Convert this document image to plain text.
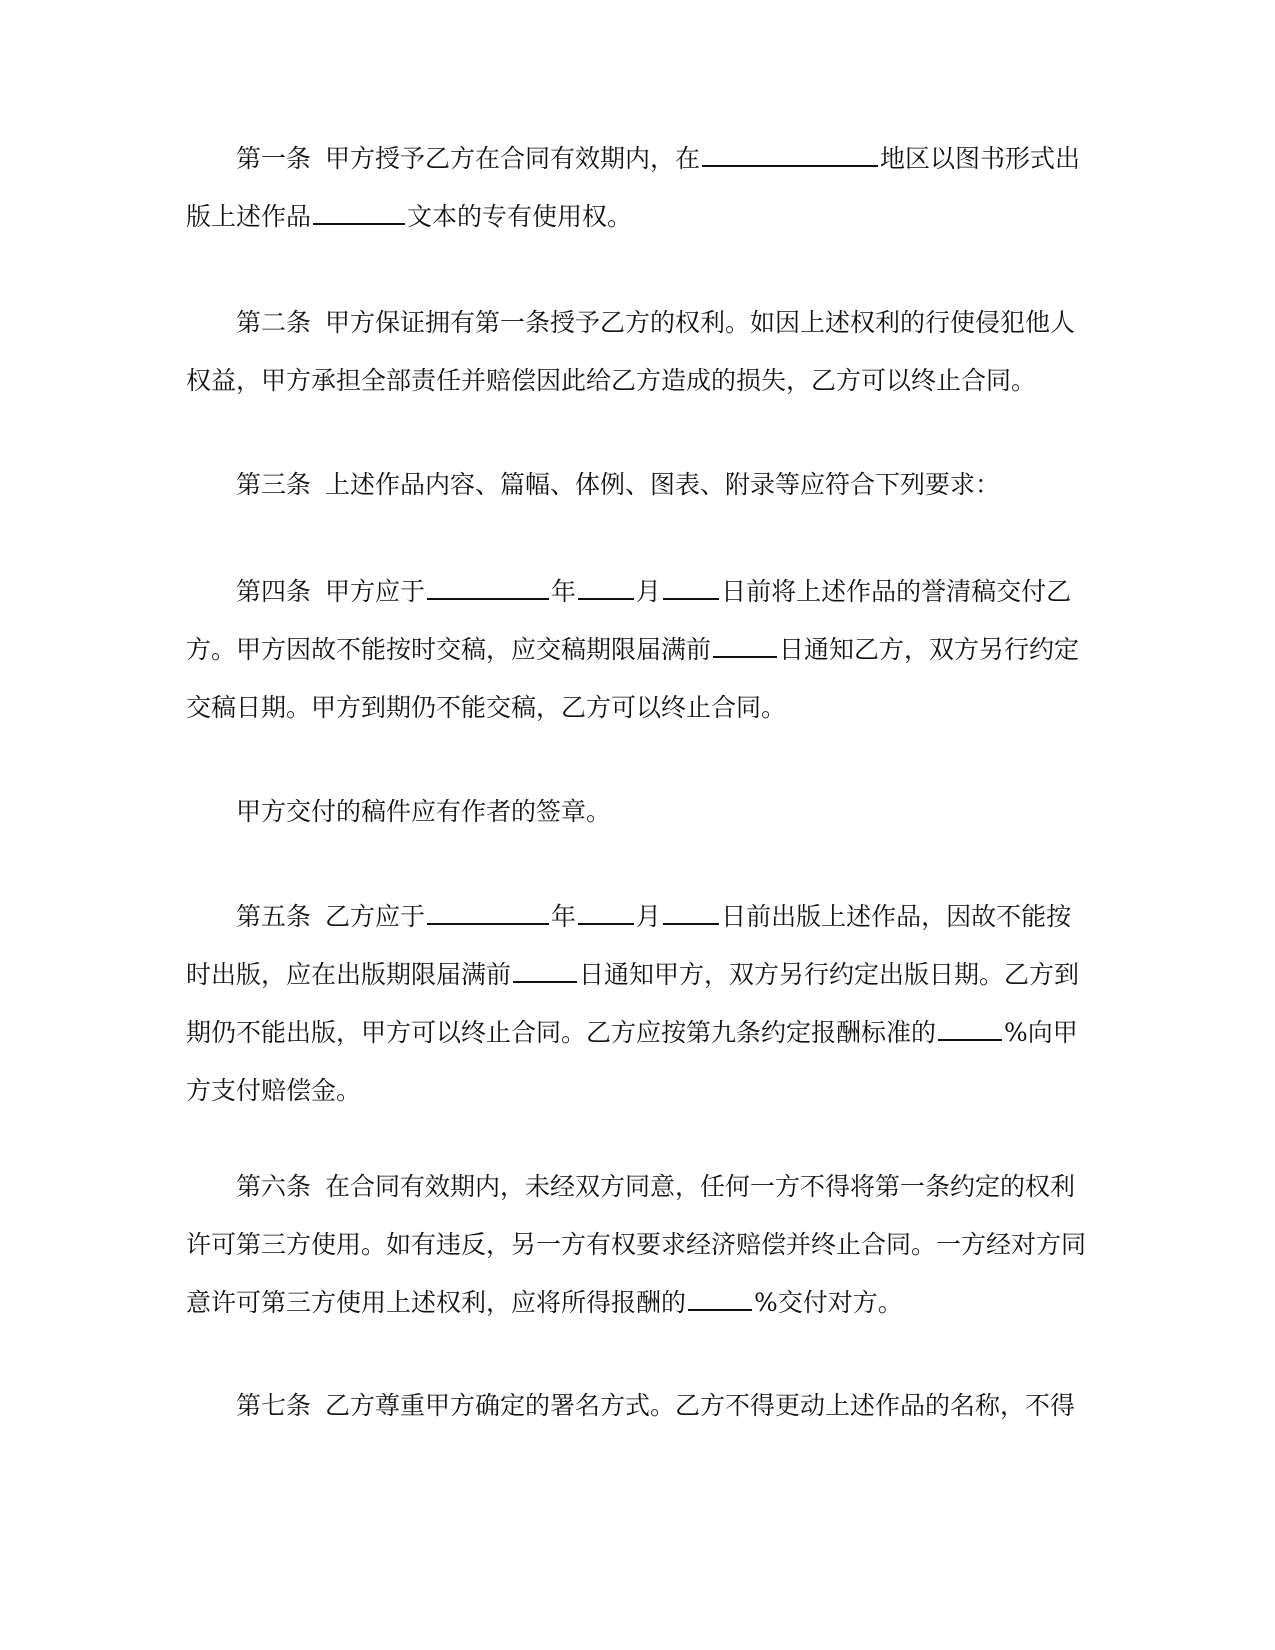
第一条 甲方授予乙方在合同有效期内，在	地区以图书形式出
版上述作品	文本的专有使用权。
第二条 甲方保证拥有第一条授予乙方的权利。如因上述权利的行使侵犯他人
权益，甲方承担全部责任并赔偿因此给乙方造成的损失，乙方可以终止合同。
第三条 上述作品内容、篇幅、体例、图表、附录等应符合下列要求：
第四条 甲方应于	年 月 日前将上述作品的誉清稿交付乙
方。甲方因故不能按时交稿，应交稿期限届满前	日通知乙方，双方另行约定
交稿日期。甲方到期仍不能交稿，乙方可以终止合同。
甲方交付的稿件应有作者的签章。
第五条 乙方应于	年 月 日前出版上述作品，因故不能按
时出版，应在出版期限届满前	日通知甲方，双方另行约定出版日期。乙方到
期仍不能出版，甲方可以终止合同。乙方应按第九条约定报酬标准的	%向甲
方支付赔偿金。
第六条 在合同有效期内，未经双方同意，任何一方不得将第一条约定的权利
许可第三方使用。如有违反，另一方有权要求经济赔偿并终止合同。一方经对方同
意许可第三方使用上述权利，应将所得报酬的	%交付对方。
第七条 乙方尊重甲方确定的署名方式。乙方不得更动上述作品的名称，不得
